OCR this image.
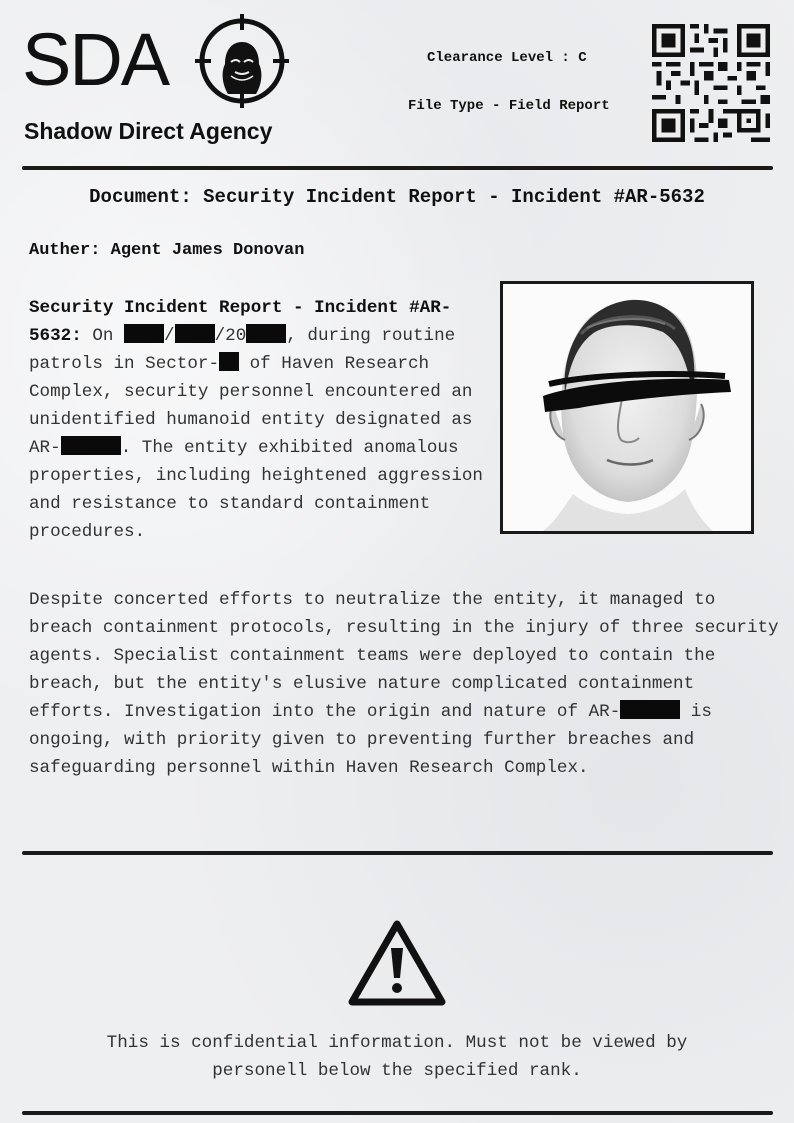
SDA
Shadow Direct Agency
Clearance Level : C
File Type - Field Report
Document: Security Incident Report - Incident #AR-5632
Auther: Agent James Donovan
Security Incident Report - Incident #AR-5632: On / /20 , during routine patrols in Sector- of Haven Research Complex, security personnel encountered an unidentified humanoid entity designated as AR-	. The entity exhibited anomalous properties, including heightened aggression and resistance to standard containment procedures.
Despite concerted efforts to neutralize the entity, it managed to breach containment protocols, resulting in the injury of three security agents. Specialist containment teams were deployed to contain the breach, but the entity's elusive nature complicated containment efforts. Investigation into the origin and nature of AR-	is ongoing, with priority given to preventing further breaches and safeguarding personnel within Haven Research Complex.
This is confidential information. Must not be viewed by personell below the specified rank.
